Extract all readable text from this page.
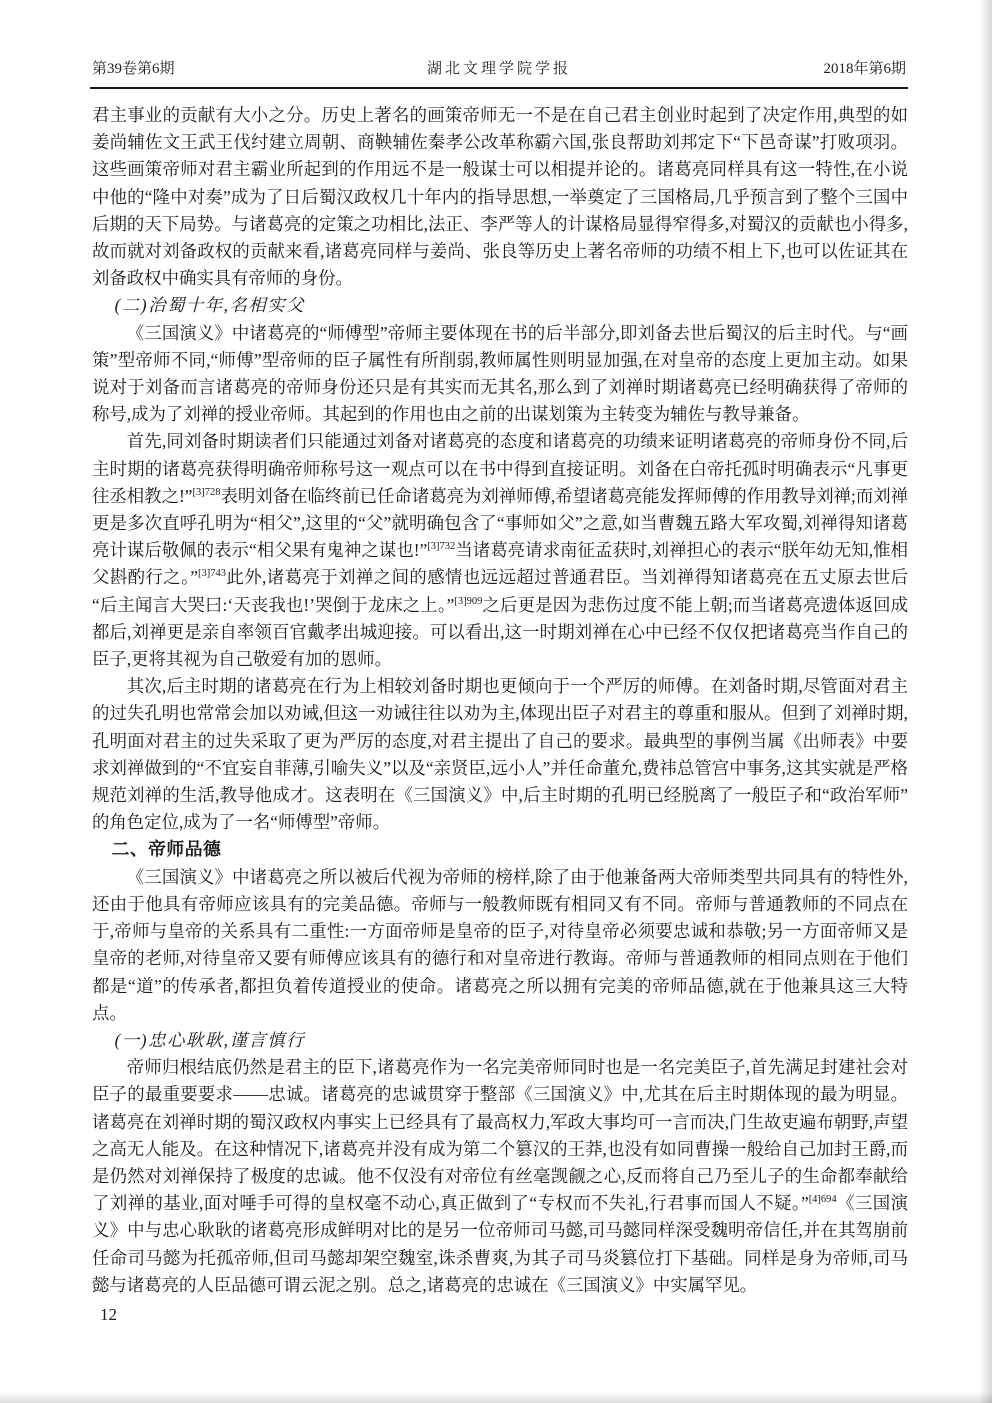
第39卷第6期	湖北文理学院学报	2018年第6期

君主事业的贡献有大小之分。历史上著名的画策帝师无一不是在自己君主创业时起到了决定作用,典型的如姜尚辅佐文王武王伐纣建立周朝、商鞅辅佐秦孝公改革称霸六国,张良帮助刘邦定下“下邑奇谋”打败项羽。这些画策帝师对君主霸业所起到的作用远不是一般谋士可以相提并论的。诸葛亮同样具有这一特性,在小说中他的“隆中对奏”成为了日后蜀汉政权几十年内的指导思想,一举奠定了三国格局,几乎预言到了整个三国中后期的天下局势。与诸葛亮的定策之功相比,法正、李严等人的计谋格局显得窄得多,对蜀汉的贡献也小得多,故而就对刘备政权的贡献来看,诸葛亮同样与姜尚、张良等历史上著名帝师的功绩不相上下,也可以佐证其在刘备政权中确实具有帝师的身份。

(二)治蜀十年,名相实父

《三国演义》中诸葛亮的“师傅型”帝师主要体现在书的后半部分,即刘备去世后蜀汉的后主时代。与“画策”型帝师不同,“师傅”型帝师的臣子属性有所削弱,教师属性则明显加强,在对皇帝的态度上更加主动。如果说对于刘备而言诸葛亮的帝师身份还只是有其实而无其名,那么到了刘禅时期诸葛亮已经明确获得了帝师的称号,成为了刘禅的授业帝师。其起到的作用也由之前的出谋划策为主转变为辅佐与教导兼备。

首先,同刘备时期读者们只能通过刘备对诸葛亮的态度和诸葛亮的功绩来证明诸葛亮的帝师身份不同,后主时期的诸葛亮获得明确帝师称号这一观点可以在书中得到直接证明。刘备在白帝托孤时明确表示“凡事更往丞相教之!”$^{[3]728}$表明刘备在临终前已任命诸葛亮为刘禅师傅,希望诸葛亮能发挥师傅的作用教导刘禅;而刘禅更是多次直呼孔明为“相父”,这里的“父”就明确包含了“事师如父”之意,如当曹魏五路大军攻蜀,刘禅得知诸葛亮计谋后敬佩的表示“相父果有鬼神之谋也!”$^{[3]732}$当诸葛亮请求南征孟获时,刘禅担心的表示“朕年幼无知,惟相父斟酌行之。”$^{[3]743}$此外,诸葛亮于刘禅之间的感情也远远超过普通君臣。当刘禅得知诸葛亮在五丈原去世后“后主闻言大哭曰:‘天丧我也!’哭倒于龙床之上。”$^{[3]909}$之后更是因为悲伤过度不能上朝;而当诸葛亮遗体返回成都后,刘禅更是亲自率领百官戴孝出城迎接。可以看出,这一时期刘禅在心中已经不仅仅把诸葛亮当作自己的臣子,更将其视为自己敬爱有加的恩师。

其次,后主时期的诸葛亮在行为上相较刘备时期也更倾向于一个严厉的师傅。在刘备时期,尽管面对君主的过失孔明也常常会加以劝诫,但这一劝诫往往以劝为主,体现出臣子对君主的尊重和服从。但到了刘禅时期,孔明面对君主的过失采取了更为严厉的态度,对君主提出了自己的要求。最典型的事例当属《出师表》中要求刘禅做到的“不宜妄自菲薄,引喻失义”以及“亲贤臣,远小人”并任命董允,费祎总管宫中事务,这其实就是严格规范刘禅的生活,教导他成才。这表明在《三国演义》中,后主时期的孔明已经脱离了一般臣子和“政治军师”的角色定位,成为了一名“师傅型”帝师。

二、帝师品德

《三国演义》中诸葛亮之所以被后代视为帝师的榜样,除了由于他兼备两大帝师类型共同具有的特性外,还由于他具有帝师应该具有的完美品德。帝师与一般教师既有相同又有不同。帝师与普通教师的不同点在于,帝师与皇帝的关系具有二重性:一方面帝师是皇帝的臣子,对待皇帝必须要忠诚和恭敬;另一方面帝师又是皇帝的老师,对待皇帝又要有师傅应该具有的德行和对皇帝进行教诲。帝师与普通教师的相同点则在于他们都是“道”的传承者,都担负着传道授业的使命。诸葛亮之所以拥有完美的帝师品德,就在于他兼具这三大特点。

(一)忠心耿耿,谨言慎行

帝师归根结底仍然是君主的臣下,诸葛亮作为一名完美帝师同时也是一名完美臣子,首先满足封建社会对臣子的最重要要求——忠诚。诸葛亮的忠诚贯穿于整部《三国演义》中,尤其在后主时期体现的最为明显。诸葛亮在刘禅时期的蜀汉政权内事实上已经具有了最高权力,军政大事均可一言而决,门生故吏遍布朝野,声望之高无人能及。在这种情况下,诸葛亮并没有成为第二个篡汉的王莽,也没有如同曹操一般给自己加封王爵,而是仍然对刘禅保持了极度的忠诚。他不仅没有对帝位有丝毫觊觎之心,反而将自己乃至儿子的生命都奉献给了刘禅的基业,面对唾手可得的皇权毫不动心,真正做到了“专权而不失礼,行君事而国人不疑。”$^{[4]694}$《三国演义》中与忠心耿耿的诸葛亮形成鲜明对比的是另一位帝师司马懿,司马懿同样深受魏明帝信任,并在其驾崩前任命司马懿为托孤帝师,但司马懿却架空魏室,诛杀曹爽,为其子司马炎篡位打下基础。同样是身为帝师,司马懿与诸葛亮的人臣品德可谓云泥之别。总之,诸葛亮的忠诚在《三国演义》中实属罕见。

12
